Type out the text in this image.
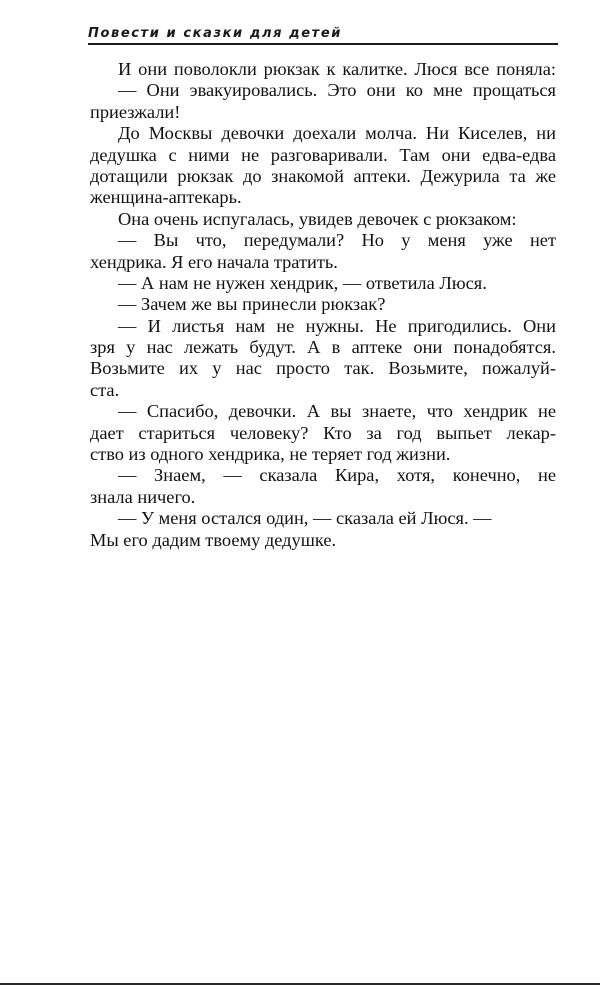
Повести и сказки для детей
И они поволокли рюкзак к калитке. Люся все поняла:
— Они эвакуировались. Это они ко мне прощаться
приезжали!
До Москвы девочки доехали молча. Ни Киселев, ни
дедушка с ними не разговаривали. Там они едва-едва
дотащили рюкзак до знакомой аптеки. Дежурила та же
женщина-аптекарь.
Она очень испугалась, увидев девочек с рюкзаком:
— Вы что, передумали? Но у меня уже нет
хендрика. Я его начала тратить.
— А нам не нужен хендрик, — ответила Люся.
— Зачем же вы принесли рюкзак?
— И листья нам не нужны. Не пригодились. Они
зря у нас лежать будут. А в аптеке они понадобятся.
Возьмите их у нас просто так. Возьмите, пожалуй-
ста.
— Спасибо, девочки. А вы знаете, что хендрик не
дает стариться человеку? Кто за год выпьет лекар-
ство из одного хендрика, не теряет год жизни.
— Знаем, — сказала Кира, хотя, конечно, не
знала ничего.
— У меня остался один, — сказала ей Люся. —
Мы его дадим твоему дедушке.
